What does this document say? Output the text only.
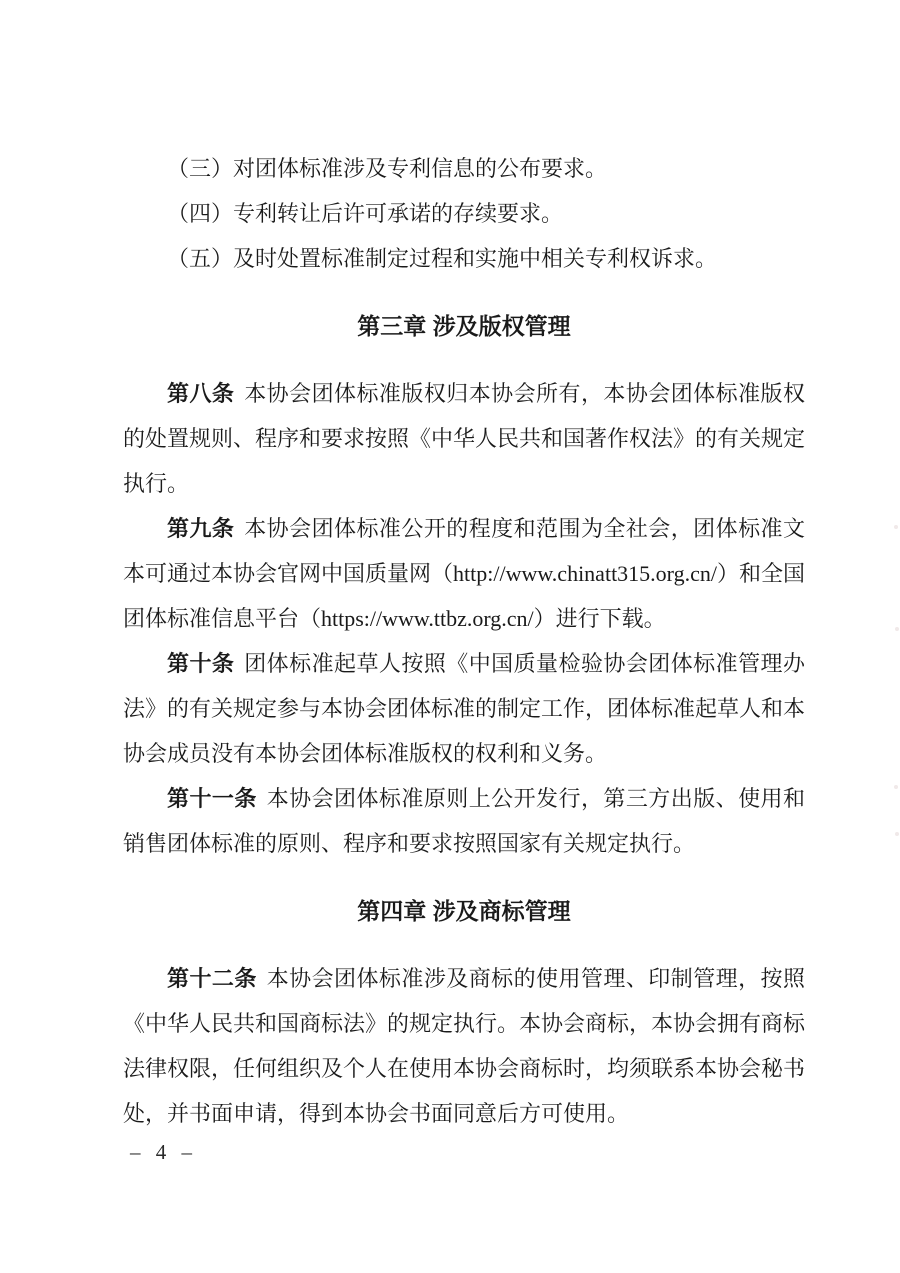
（三）对团体标准涉及专利信息的公布要求。

（四）专利转让后许可承诺的存续要求。

（五）及时处置标准制定过程和实施中相关专利权诉求。

第三章 涉及版权管理

第八条 本协会团体标准版权归本协会所有，本协会团体标准版权的处置规则、程序和要求按照《中华人民共和国著作权法》的有关规定执行。

第九条 本协会团体标准公开的程度和范围为全社会，团体标准文本可通过本协会官网中国质量网（http://www.chinatt315.org.cn/）和全国团体标准信息平台（https://www.ttbz.org.cn/）进行下载。

第十条 团体标准起草人按照《中国质量检验协会团体标准管理办法》的有关规定参与本协会团体标准的制定工作，团体标准起草人和本协会成员没有本协会团体标准版权的权利和义务。

第十一条 本协会团体标准原则上公开发行，第三方出版、使用和销售团体标准的原则、程序和要求按照国家有关规定执行。

第四章 涉及商标管理

第十二条 本协会团体标准涉及商标的使用管理、印制管理，按照《中华人民共和国商标法》的规定执行。本协会商标，本协会拥有商标法律权限，任何组织及个人在使用本协会商标时，均须联系本协会秘书处，并书面申请，得到本协会书面同意后方可使用。

– 4 –
